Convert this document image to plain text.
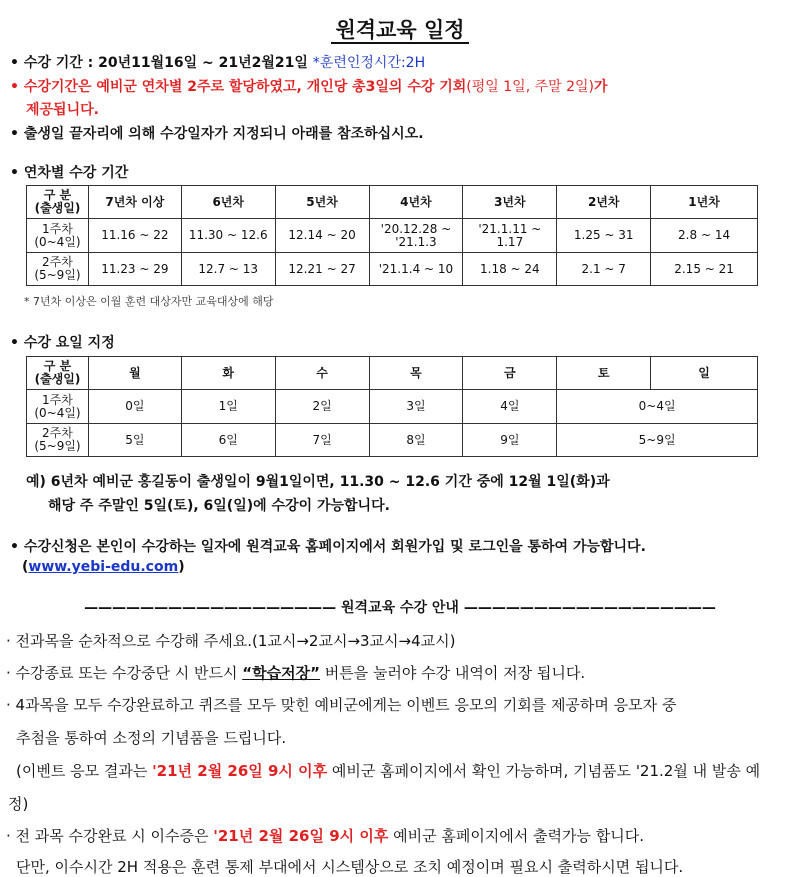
원격교육 일정
• 수강 기간 : 20년11월16일 ~ 21년2월21일 *훈련인정시간:2H
• 수강기간은 예비군 연차별 2주로 할당하였고, 개인당 총3일의 수강 기회(평일 1일, 주말 2일)가
제공됩니다.
• 출생일 끝자리에 의해 수강일자가 지정되니 아래를 참조하십시오.
• 연차별 수강 기간
구 분
(출생일)	7년차 이상	6년차	5년차	4년차	3년차	2년차	1년차
1주차
(0~4일)	11.16 ~ 22	11.30 ~ 12.6	12.14 ~ 20	'20.12.28 ~
'21.1.3	'21.1.11 ~ 1.17	1.25 ~ 31	2.8 ~ 14
2주차
(5~9일)	11.23 ~ 29	12.7 ~ 13	12.21 ~ 27	'21.1.4 ~ 10	1.18 ~ 24	2.1 ~ 7	2.15 ~ 21
* 7년차 이상은 이월 훈련 대상자만 교육대상에 해당
• 수강 요일 지정
구 분
(출생일)	월	화	수	목	금	토	일
1주차
(0~4일)	0일	1일	2일	3일	4일	0~4일	
2주차
(5~9일)	5일	6일	7일	8일	9일	5~9일	
예) 6년차 예비군 홍길동이 출생일이 9월1일이면, 11.30 ~ 12.6 기간 중에 12월 1일(화)과
해당 주 주말인 5일(토), 6일(일)에 수강이 가능합니다.
• 수강신청은 본인이 수강하는 일자에 원격교육 홈페이지에서 회원가입 및 로그인을 통하여 가능합니다.
(www.yebi-edu.com)
—————————————————— 원격교육 수강 안내 ——————————————————
· 전과목을 순차적으로 수강해 주세요.(1교시→2교시→3교시→4교시)
· 수강종료 또는 수강중단 시 반드시 “학습저장” 버튼을 눌러야 수강 내역이 저장 됩니다.
· 4과목을 모두 수강완료하고 퀴즈를 모두 맞힌 예비군에게는 이벤트 응모의 기회를 제공하며 응모자 중
추첨을 통하여 소정의 기념품을 드립니다.
(이벤트 응모 결과는 '21년 2월 26일 9시 이후 예비군 홈페이지에서 확인 가능하며, 기념품도 '21.2월 내 발송 예
정)
· 전 과목 수강완료 시 이수증은 '21년 2월 26일 9시 이후 예비군 홈페이지에서 출력가능 합니다.
단만, 이수시간 2H 적용은 훈련 통제 부대에서 시스템상으로 조치 예정이며 필요시 출력하시면 됩니다.
